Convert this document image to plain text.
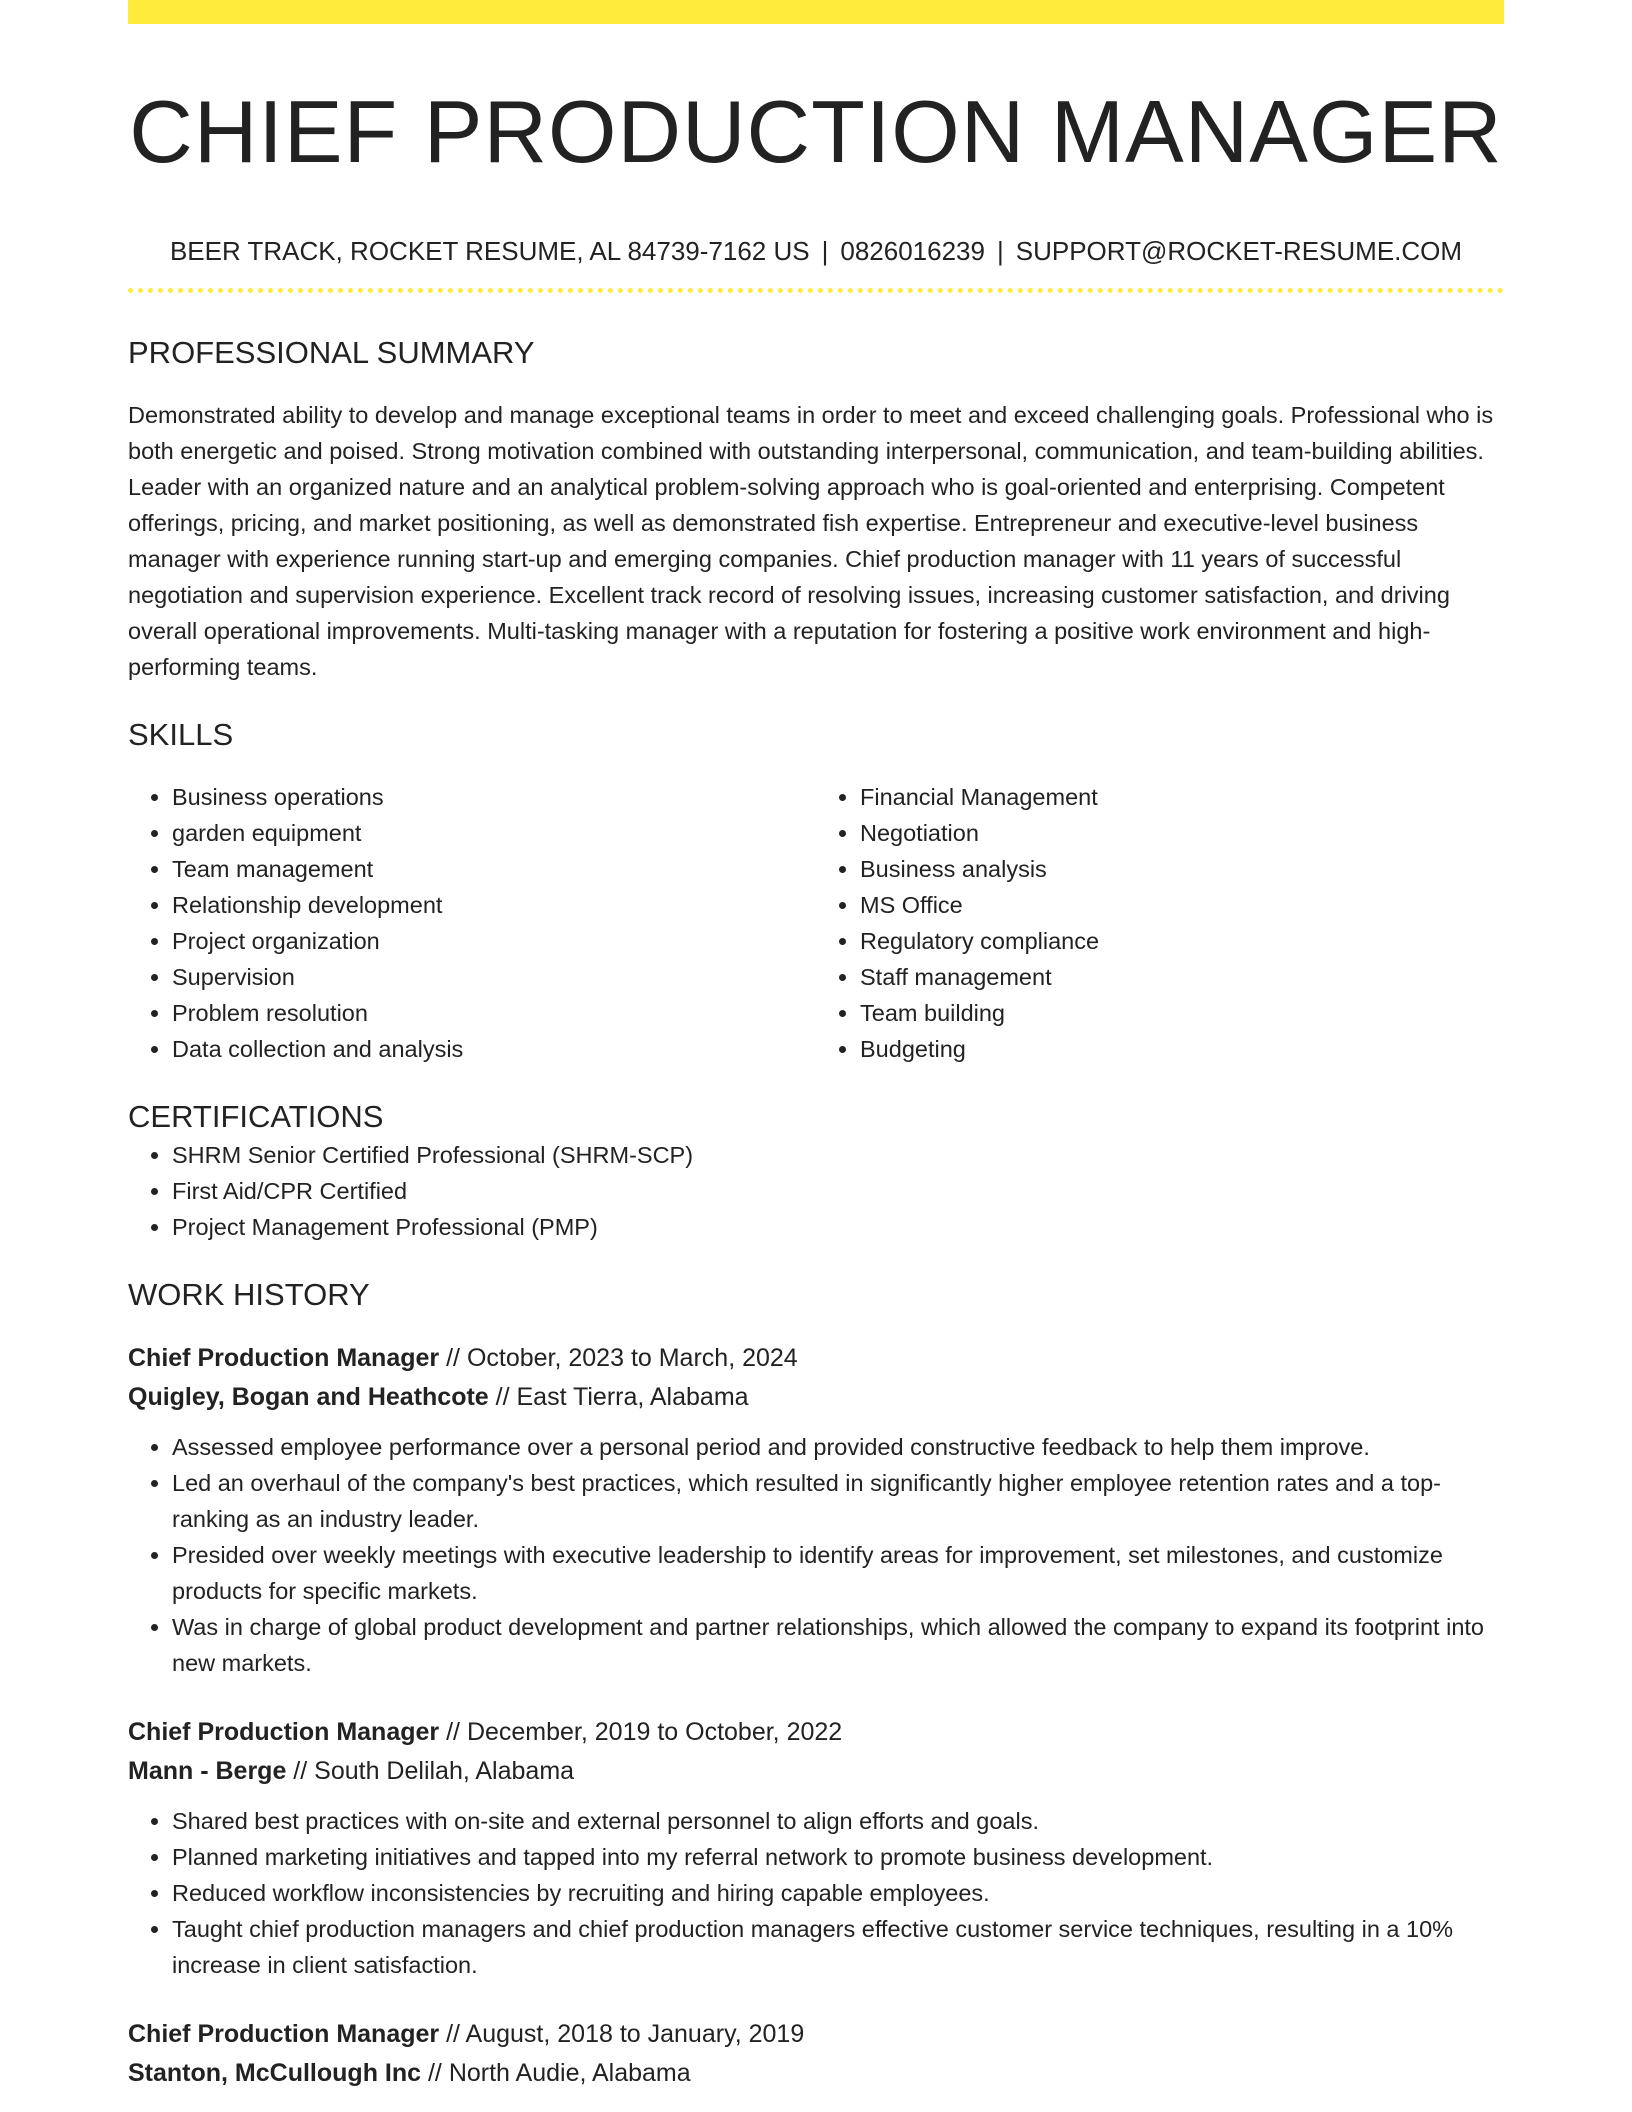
CHIEF PRODUCTION MANAGER
BEER TRACK, ROCKET RESUME, AL 84739-7162 US | 0826016239 | SUPPORT@ROCKET-RESUME.COM
PROFESSIONAL SUMMARY

Demonstrated ability to develop and manage exceptional teams in order to meet and exceed challenging goals. Professional who is both energetic and poised. Strong motivation combined with outstanding interpersonal, communication, and team-building abilities. Leader with an organized nature and an analytical problem-solving approach who is goal-oriented and enterprising. Competent offerings, pricing, and market positioning, as well as demonstrated fish expertise. Entrepreneur and executive-level business manager with experience running start-up and emerging companies. Chief production manager with 11 years of successful negotiation and supervision experience. Excellent track record of resolving issues, increasing customer satisfaction, and driving overall operational improvements. Multi-tasking manager with a reputation for fostering a positive work environment and high-performing teams.

SKILLS
• Business operations
• garden equipment
• Team management
• Relationship development
• Project organization
• Supervision
• Problem resolution
• Data collection and analysis
• Financial Management
• Negotiation
• Business analysis
• MS Office
• Regulatory compliance
• Staff management
• Team building
• Budgeting
CERTIFICATIONS
• SHRM Senior Certified Professional (SHRM-SCP)
• First Aid/CPR Certified
• Project Management Professional (PMP)
WORK HISTORY
Chief Production Manager // October, 2023 to March, 2024
Quigley, Bogan and Heathcote // East Tierra, Alabama
• Assessed employee performance over a personal period and provided constructive feedback to help them improve.
• Led an overhaul of the company's best practices, which resulted in significantly higher employee retention rates and a top-ranking as an industry leader.
• Presided over weekly meetings with executive leadership to identify areas for improvement, set milestones, and customize products for specific markets.
• Was in charge of global product development and partner relationships, which allowed the company to expand its footprint into new markets.
Chief Production Manager // December, 2019 to October, 2022
Mann - Berge // South Delilah, Alabama
• Shared best practices with on-site and external personnel to align efforts and goals.
• Planned marketing initiatives and tapped into my referral network to promote business development.
• Reduced workflow inconsistencies by recruiting and hiring capable employees.
• Taught chief production managers and chief production managers effective customer service techniques, resulting in a 10% increase in client satisfaction.
Chief Production Manager // August, 2018 to January, 2019
Stanton, McCullough Inc // North Audie, Alabama
